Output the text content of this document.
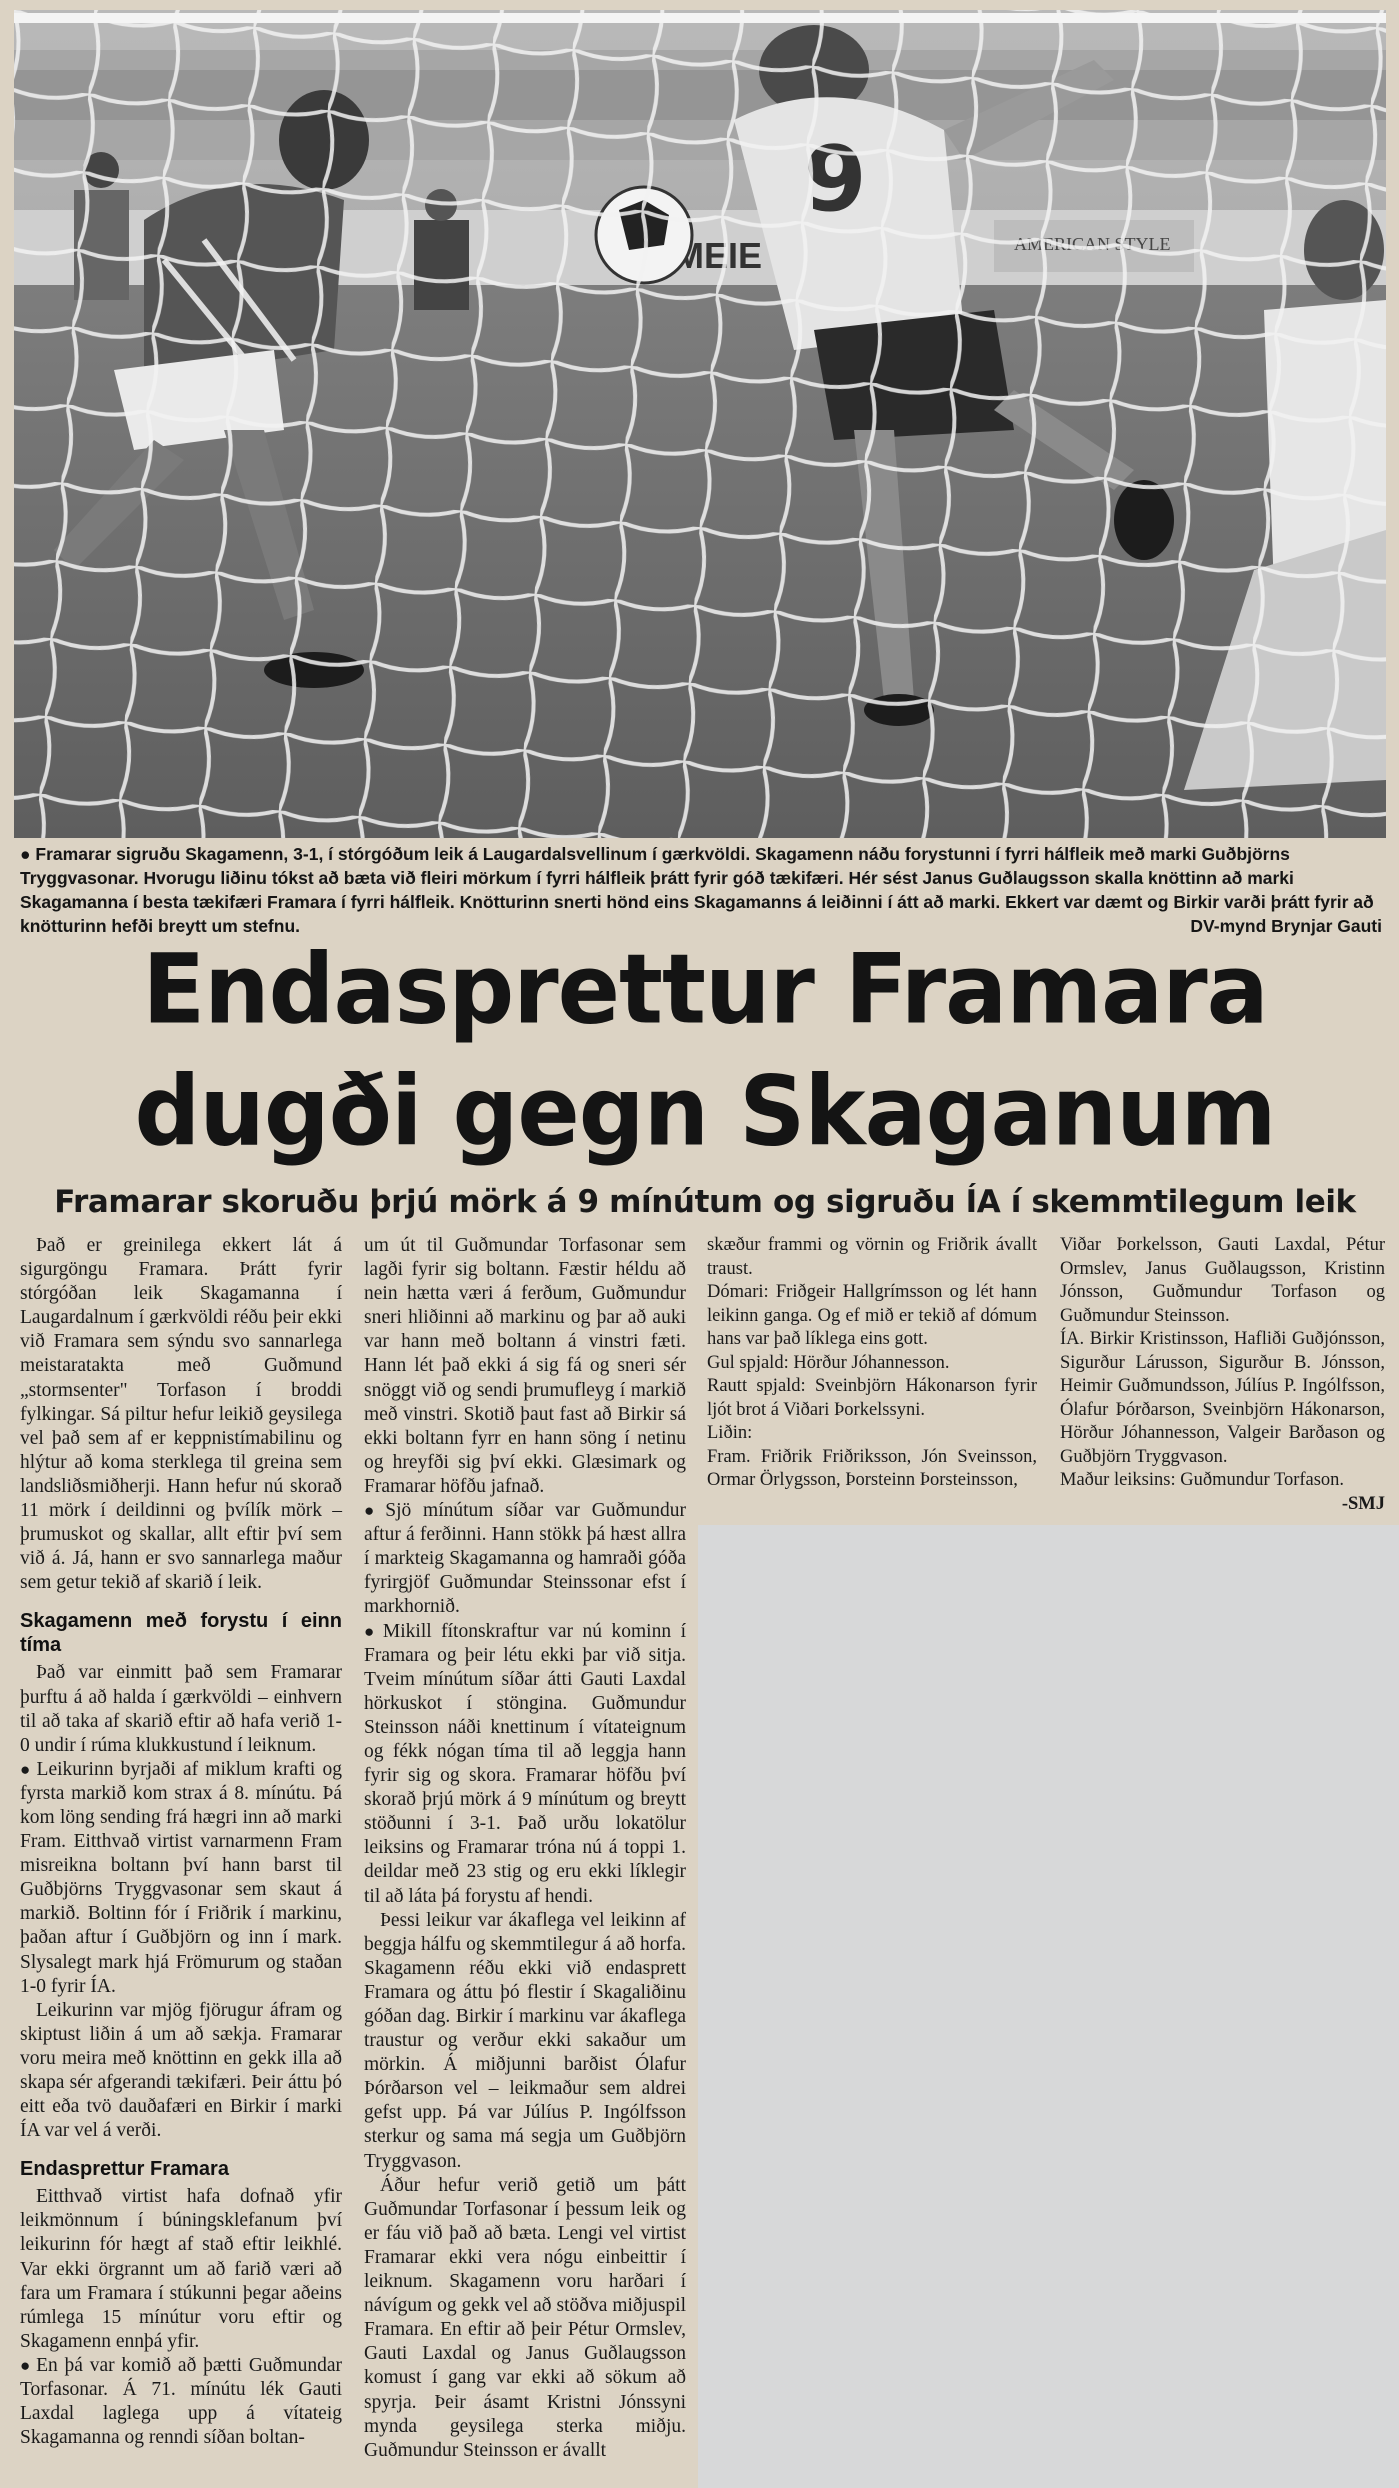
● Framarar sigruðu Skagamenn, 3-1, í stórgóðum leik á Laugardalsvellinum í gærkvöldi. Skagamenn náðu forystunni í fyrri hálfleik með marki Guðbjörns Tryggvasonar. Hvorugu liðinu tókst að bæta við fleiri mörkum í fyrri hálfleik þrátt fyrir góð tækifæri. Hér sést Janus Guðlaugsson skalla knöttinn að marki Skagamanna í besta tækifæri Framara í fyrri hálfleik. Knötturinn snerti hönd eins Skagamanns á leiðinni í átt að marki. Ekkert var dæmt og Birkir varði þrátt fyrir að knötturinn hefði breytt um stefnu.	DV-mynd Brynjar Gauti
Endasprettur Framara
dugði gegn Skaganum
Framarar skoruðu þrjú mörk á 9 mínútum og sigruðu ÍA í skemmtilegum leik

Það er greinilega ekkert lát á sigurgöngu Framara. Þrátt fyrir stórgóðan leik Skagamanna í Laugardalnum í gærkvöldi réðu þeir ekki við Framara sem sýndu svo sannarlega meistaratakta með Guðmund „stormsenter" Torfason í broddi fylkingar. Sá piltur hefur leikið geysilega vel það sem af er keppnistímabilinu og hlýtur að koma sterklega til greina sem landsliðsmiðherji. Hann hefur nú skorað 11 mörk í deildinni og þvílík mörk – þrumuskot og skallar, allt eftir því sem við á. Já, hann er svo sannarlega maður sem getur tekið af skarið í leik.

Skagamenn með forystu í einn tíma

Það var einmitt það sem Framarar þurftu á að halda í gærkvöldi – einhvern til að taka af skarið eftir að hafa verið 1-0 undir í rúma klukkustund í leiknum.

● Leikurinn byrjaði af miklum krafti og fyrsta markið kom strax á 8. mínútu. Þá kom löng sending frá hægri inn að marki Fram. Eitthvað virtist varnarmenn Fram misreikna boltann því hann barst til Guðbjörns Tryggvasonar sem skaut á markið. Boltinn fór í Friðrik í markinu, þaðan aftur í Guðbjörn og inn í mark. Slysalegt mark hjá Frömurum og staðan 1-0 fyrir ÍA.

Leikurinn var mjög fjörugur áfram og skiptust liðin á um að sækja. Framarar voru meira með knöttinn en gekk illa að skapa sér afgerandi tækifæri. Þeir áttu þó eitt eða tvö dauðafæri en Birkir í marki ÍA var vel á verði.

Endasprettur Framara

Eitthvað virtist hafa dofnað yfir leikmönnum í búningsklefanum því leikurinn fór hægt af stað eftir leikhlé. Var ekki örgrannt um að farið væri að fara um Framara í stúkunni þegar aðeins rúmlega 15 mínútur voru eftir og Skagamenn ennþá yfir.

● En þá var komið að þætti Guðmundar Torfasonar. Á 71. mínútu lék Gauti Laxdal laglega upp á vítateig Skagamanna og renndi síðan boltan-

um út til Guðmundar Torfasonar sem lagði fyrir sig boltann. Fæstir héldu að nein hætta væri á ferðum, Guðmundur sneri hliðinni að markinu og þar að auki var hann með boltann á vinstri fæti. Hann lét það ekki á sig fá og sneri sér snöggt við og sendi þrumufleyg í markið með vinstri. Skotið þaut fast að Birkir sá ekki boltann fyrr en hann söng í netinu og hreyfði sig því ekki. Glæsimark og Framarar höfðu jafnað.

● Sjö mínútum síðar var Guðmundur aftur á ferðinni. Hann stökk þá hæst allra í markteig Skagamanna og hamraði góða fyrirgjöf Guðmundar Steinssonar efst í markhornið.

● Mikill fítonskraftur var nú kominn í Framara og þeir létu ekki þar við sitja. Tveim mínútum síðar átti Gauti Laxdal hörkuskot í stöngina. Guðmundur Steinsson náði knettinum í vítateignum og fékk nógan tíma til að leggja hann fyrir sig og skora. Framarar höfðu því skorað þrjú mörk á 9 mínútum og breytt stöðunni í 3-1. Það urðu lokatölur leiksins og Framarar tróna nú á toppi 1. deildar með 23 stig og eru ekki líklegir til að láta þá forystu af hendi.

Þessi leikur var ákaflega vel leikinn af beggja hálfu og skemmtilegur á að horfa. Skagamenn réðu ekki við endasprett Framara og áttu þó flestir í Skagaliðinu góðan dag. Birkir í markinu var ákaflega traustur og verður ekki sakaður um mörkin. Á miðjunni barðist Ólafur Þórðarson vel – leikmaður sem aldrei gefst upp. Þá var Júlíus P. Ingólfsson sterkur og sama má segja um Guðbjörn Tryggvason.

Áður hefur verið getið um þátt Guðmundar Torfasonar í þessum leik og er fáu við það að bæta. Lengi vel virtist Framarar ekki vera nógu einbeittir í leiknum. Skagamenn voru harðari í návígum og gekk vel að stöðva miðjuspil Framara. En eftir að þeir Pétur Ormslev, Gauti Laxdal og Janus Guðlaugsson komust í gang var ekki að sökum að spyrja. Þeir ásamt Kristni Jónssyni mynda geysilega sterka miðju. Guðmundur Steinsson er ávallt

skæður frammi og vörnin og Friðrik ávallt traust.

Dómari: Friðgeir Hallgrímsson og lét hann leikinn ganga. Og ef mið er tekið af dómum hans var það líklega eins gott.

Gul spjald: Hörður Jóhannesson.

Rautt spjald: Sveinbjörn Hákonarson fyrir ljót brot á Viðari Þorkelssyni.

Liðin:

Fram. Friðrik Friðriksson, Jón Sveinsson, Ormar Örlygsson, Þorsteinn Þorsteinsson,

Viðar Þorkelsson, Gauti Laxdal, Pétur Ormslev, Janus Guðlaugsson, Kristinn Jónsson, Guðmundur Torfason og Guðmundur Steinsson.

ÍA. Birkir Kristinsson, Hafliði Guðjónsson, Sigurður Lárusson, Sigurður B. Jónsson, Heimir Guðmundsson, Júlíus P. Ingólfsson, Ólafur Þórðarson, Sveinbjörn Hákonarson, Hörður Jóhannesson, Valgeir Barðason og Guðbjörn Tryggvason.

Maður leiksins: Guðmundur Torfason.

-SMJ
